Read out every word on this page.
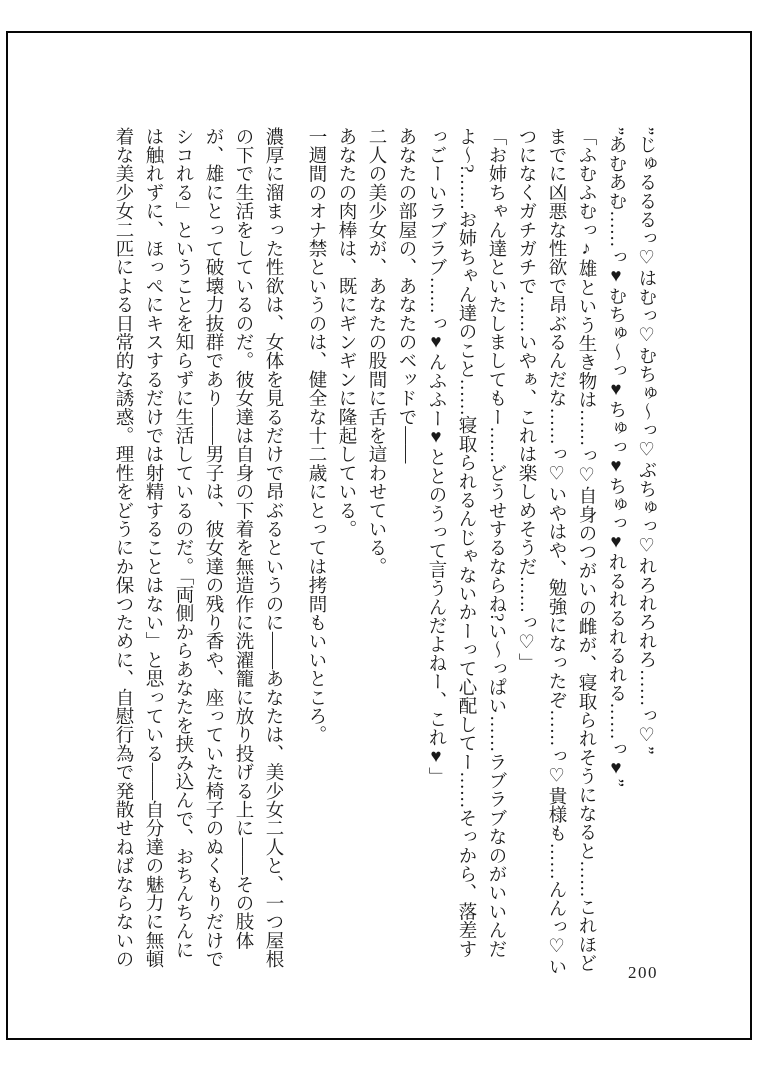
”じゅるるるっ♡はむっ♡むちゅ〜っ♡ぶちゅっ♡れろれろれろ……っ♡”

”あむあむ……っ♥むちゅ〜っ♥ちゅっ♥ちゅっ♥れるれるれるれる……っ♥”

「ふむふむっ♪雄という生き物は……っ♡自身のつがいの雌が、寝取られそうになると……これほど

までに凶悪な性欲で昂ぶるんだな……っ♡いやはや、勉強になったぞ……っ♡貴様も……んんっ♡い

つになくガチガチで……いやぁ、これは楽しめそうだ……っ♡」

「お姉ちゃん達といたしましてもー……どうせするならね?い〜っぱい……ラブラブなのがいいんだ

よ〜?……お姉ちゃん達のこと……寝取られるんじゃないかーって心配してー……そっから、落差す

っごーいラブラブ……っ♥んふふー♥ととのうって言うんだよねー、これ♥」

あなたの部屋の、あなたのベッドで――

二人の美少女が、あなたの股間に舌を這わせている。

あなたの肉棒は、既にギンギンに隆起している。

一週間のオナ禁というのは、健全な十二歳にとっては拷問もいいところ。

濃厚に溜まった性欲は、女体を見るだけで昂ぶるというのに――あなたは、美少女二人と、一つ屋根

の下で生活をしているのだ。彼女達は自身の下着を無造作に洗濯籠に放り投げる上に――その肢体

が、雄にとって破壊力抜群であり――男子は、彼女達の残り香や、座っていた椅子のぬくもりだけで

シコれる」ということを知らずに生活しているのだ。「両側からあなたを挟み込んで、おちんちんに

は触れずに、ほっぺにキスするだけでは射精することはない」と思っている――自分達の魅力に無頓

着な美少女二匹による日常的な誘惑。理性をどうにか保つために、自慰行為で発散せねばならないの

200
